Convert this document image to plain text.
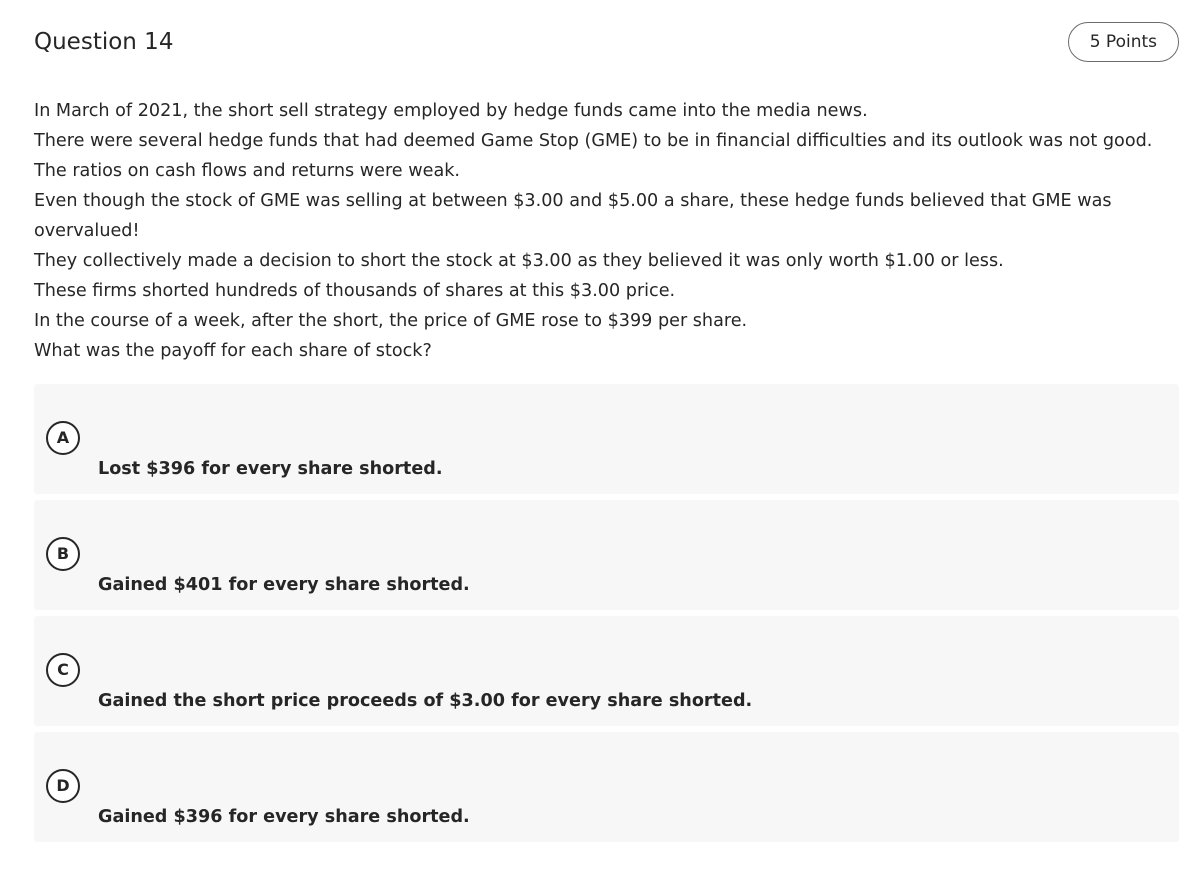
Question 14	5 Points

In March of 2021, the short sell strategy employed by hedge funds came into the media news.

There were several hedge funds that had deemed Game Stop (GME) to be in financial difficulties and its outlook was not good.

The ratios on cash flows and returns were weak.

Even though the stock of GME was selling at between $3.00 and $5.00 a share, these hedge funds believed that GME was overvalued!

They collectively made a decision to short the stock at $3.00 as they believed it was only worth $1.00 or less.

These firms shorted hundreds of thousands of shares at this $3.00 price.

In the course of a week, after the short, the price of GME rose to $399 per share.

What was the payoff for each share of stock?

A
Lost $396 for every share shorted.
B
Gained $401 for every share shorted.
C
Gained the short price proceeds of $3.00 for every share shorted.
D
Gained $396 for every share shorted.
